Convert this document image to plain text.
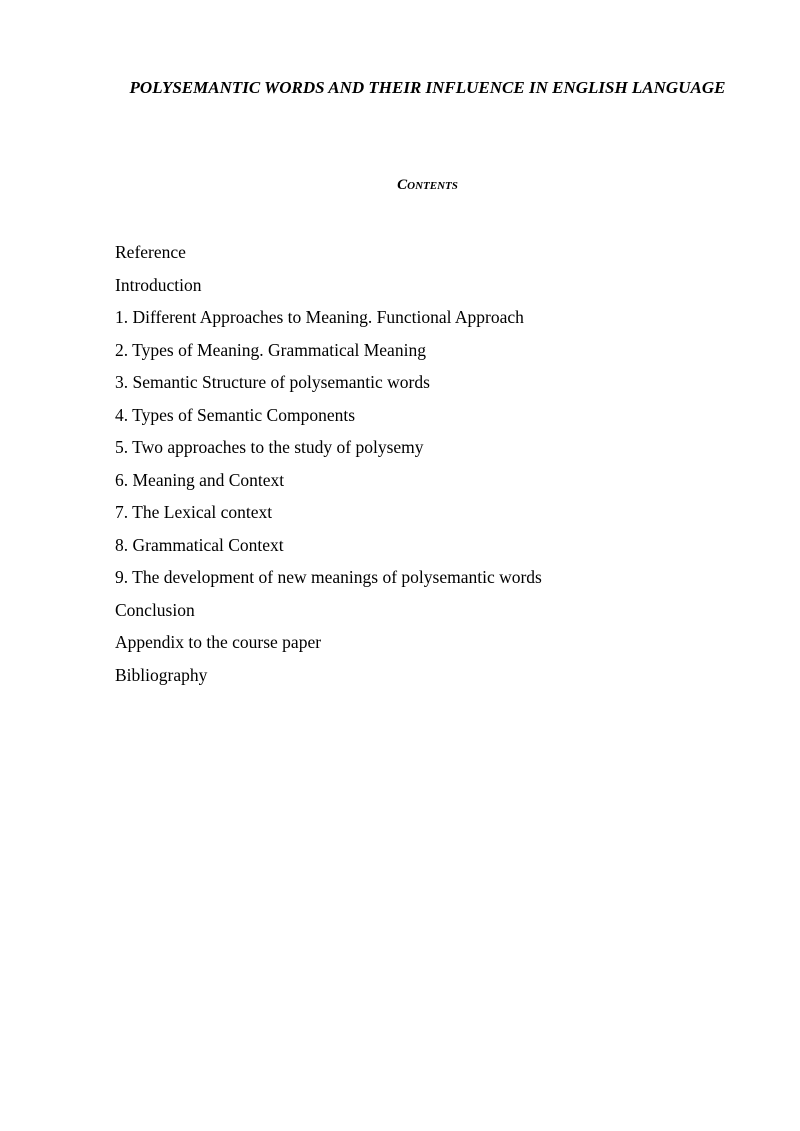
POLYSEMANTIC WORDS AND THEIR INFLUENCE IN ENGLISH LANGUAGE
Contents
Reference
Introduction
1. Different Approaches to Meaning. Functional Approach
2. Types of Meaning. Grammatical Meaning
3. Semantic Structure of polysemantic words
4. Types of Semantic Components
5. Two approaches to the study of polysemy
6. Meaning and Context
7. The Lexical context
8. Grammatical Context
9. The development of new meanings of polysemantic words
Conclusion
Appendix to the course paper
Bibliography
